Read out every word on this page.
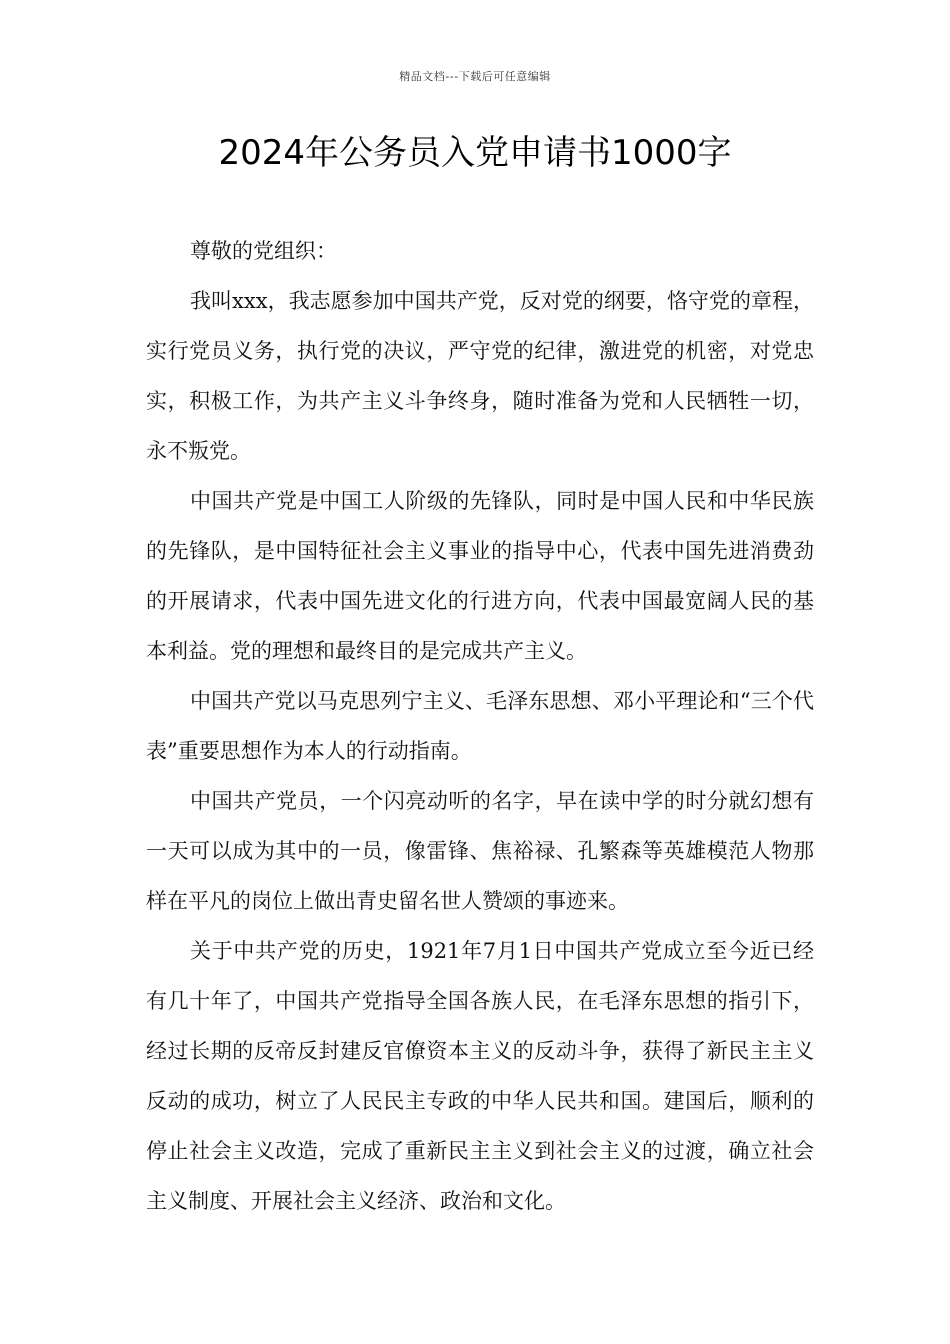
精品文档---下载后可任意编辑
2024年公务员入党申请书1000字

尊敬的党组织：

我叫xxx，我志愿参加中国共产党，反对党的纲要，恪守党的章程，实行党员义务，执行党的决议，严守党的纪律，激进党的机密，对党忠实，积极工作，为共产主义斗争终身，随时准备为党和人民牺牲一切，永不叛党。

中国共产党是中国工人阶级的先锋队，同时是中国人民和中华民族的先锋队，是中国特征社会主义事业的指导中心，代表中国先进消费劲的开展请求，代表中国先进文化的行进方向，代表中国最宽阔人民的基本利益。党的理想和最终目的是完成共产主义。

中国共产党以马克思列宁主义、毛泽东思想、邓小平理论和“三个代表”重要思想作为本人的行动指南。

中国共产党员，一个闪亮动听的名字，早在读中学的时分就幻想有一天可以成为其中的一员，像雷锋、焦裕禄、孔繁森等英雄模范人物那样在平凡的岗位上做出青史留名世人赞颂的事迹来。

关于中共产党的历史，1921年7月1日中国共产党成立至今近已经有几十年了，中国共产党指导全国各族人民，在毛泽东思想的指引下，经过长期的反帝反封建反官僚资本主义的反动斗争，获得了新民主主义反动的成功，树立了人民民主专政的中华人民共和国。建国后，顺利的停止社会主义改造，完成了重新民主主义到社会主义的过渡，确立社会主义制度、开展社会主义经济、政治和文化。
